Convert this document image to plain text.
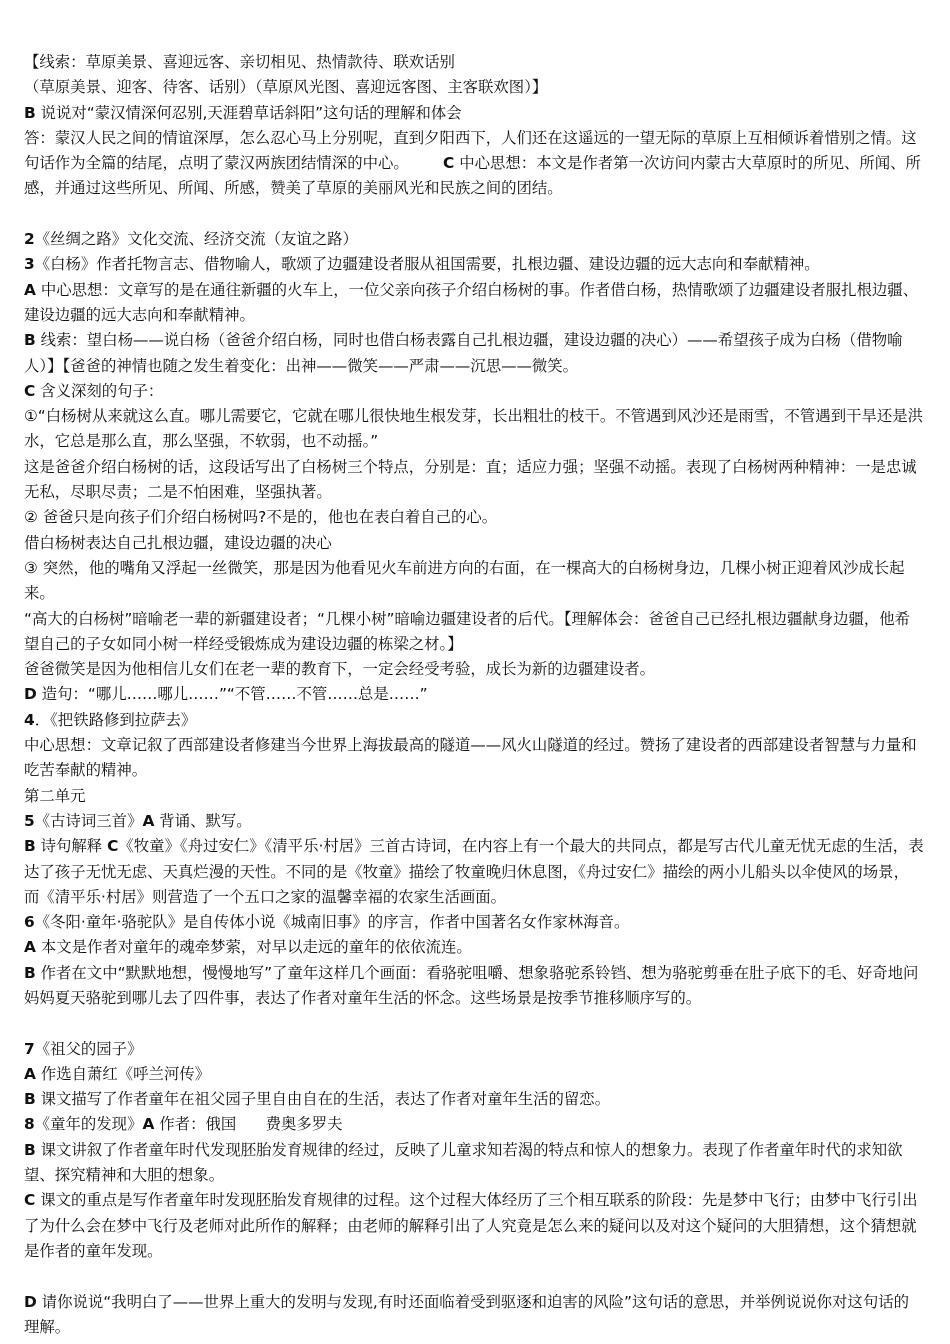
【线索：草原美景、喜迎远客、亲切相见、热情款待、联欢话别
（草原美景、迎客、待客、话别）（草原风光图、喜迎远客图、主客联欢图）】
B 说说对“蒙汉情深何忍别,天涯碧草话斜阳”这句话的理解和体会
答：蒙汉人民之间的情谊深厚，怎么忍心马上分别呢，直到夕阳西下，人们还在这遥远的一望无际的草原上互相倾诉着惜别之情。这句话作为全篇的结尾，点明了蒙汉两族团结情深的中心。       C 中心思想：本文是作者第一次访问内蒙古大草原时的所见、所闻、所感，并通过这些所见、所闻、所感，赞美了草原的美丽风光和民族之间的团结。
2《丝绸之路》文化交流、经济交流（友谊之路）
3《白杨》作者托物言志、借物喻人，歌颂了边疆建设者服从祖国需要，扎根边疆、建设边疆的远大志向和奉献精神。
A 中心思想：文章写的是在通往新疆的火车上，一位父亲向孩子介绍白杨树的事。作者借白杨，热情歌颂了边疆建设者服扎根边疆、建设边疆的远大志向和奉献精神。
B 线索：望白杨——说白杨（爸爸介绍白杨，同时也借白杨表露自己扎根边疆，建设边疆的决心）——希望孩子成为白杨（借物喻人）】【爸爸的神情也随之发生着变化：出神——微笑——严肃——沉思——微笑。
C 含义深刻的句子：
①“白杨树从来就这么直。哪儿需要它，它就在哪儿很快地生根发芽，长出粗壮的枝干。不管遇到风沙还是雨雪，不管遇到干旱还是洪水，它总是那么直，那么坚强，不软弱，也不动摇。”
这是爸爸介绍白杨树的话，这段话写出了白杨树三个特点，分别是：直；适应力强；坚强不动摇。表现了白杨树两种精神：一是忠诚无私，尽职尽责；二是不怕困难，坚强执著。
② 爸爸只是向孩子们介绍白杨树吗?不是的，他也在表白着自己的心。
借白杨树表达自己扎根边疆，建设边疆的决心
③ 突然，他的嘴角又浮起一丝微笑，那是因为他看见火车前进方向的右面，在一棵高大的白杨树身边，几棵小树正迎着风沙成长起来。
“高大的白杨树”暗喻老一辈的新疆建设者；“几棵小树”暗喻边疆建设者的后代。【理解体会：爸爸自己已经扎根边疆献身边疆，他希望自己的子女如同小树一样经受锻炼成为建设边疆的栋梁之材。】
爸爸微笑是因为他相信儿女们在老一辈的教育下，一定会经受考验，成长为新的边疆建设者。
D 造句：“哪儿……哪儿……”“不管……不管……总是……”
4．《把铁路修到拉萨去》
中心思想：文章记叙了西部建设者修建当今世界上海拔最高的隧道——风火山隧道的经过。赞扬了建设者的西部建设者智慧与力量和吃苦奉献的精神。
第二单元
5《古诗词三首》A 背诵、默写。
B 诗句解释 C《牧童》《舟过安仁》《清平乐·村居》三首古诗词，在内容上有一个最大的共同点，都是写古代儿童无忧无虑的生活，表达了孩子无忧无虑、天真烂漫的天性。不同的是《牧童》描绘了牧童晚归休息图，《舟过安仁》描绘的两小儿船头以伞使风的场景，而《清平乐·村居》则营造了一个五口之家的温馨幸福的农家生活画面。
6《冬阳·童年·骆驼队》是自传体小说《城南旧事》的序言，作者中国著名女作家林海音。
A 本文是作者对童年的魂牵梦萦，对早以走远的童年的依依流连。
B 作者在文中“默默地想，慢慢地写”了童年这样几个画面：看骆驼咀嚼、想象骆驼系铃铛、想为骆驼剪垂在肚子底下的毛、好奇地问妈妈夏天骆驼到哪儿去了四件事，表达了作者对童年生活的怀念。这些场景是按季节推移顺序写的。
7《祖父的园子》
A 作选自萧红《呼兰河传》
B 课文描写了作者童年在祖父园子里自由自在的生活，表达了作者对童年生活的留恋。
8《童年的发现》A 作者：俄国      费奥多罗夫
B 课文讲叙了作者童年时代发现胚胎发育规律的经过，反映了儿童求知若渴的特点和惊人的想象力。表现了作者童年时代的求知欲望、探究精神和大胆的想象。
C 课文的重点是写作者童年时发现胚胎发育规律的过程。这个过程大体经历了三个相互联系的阶段：先是梦中飞行；由梦中飞行引出了为什么会在梦中飞行及老师对此所作的解释；由老师的解释引出了人究竟是怎么来的疑问以及对这个疑问的大胆猜想，这个猜想就是作者的童年发现。
D 请你说说“我明白了——世界上重大的发明与发现,有时还面临着受到驱逐和迫害的风险”这句话的意思，并举例说说你对这句话的理解。
